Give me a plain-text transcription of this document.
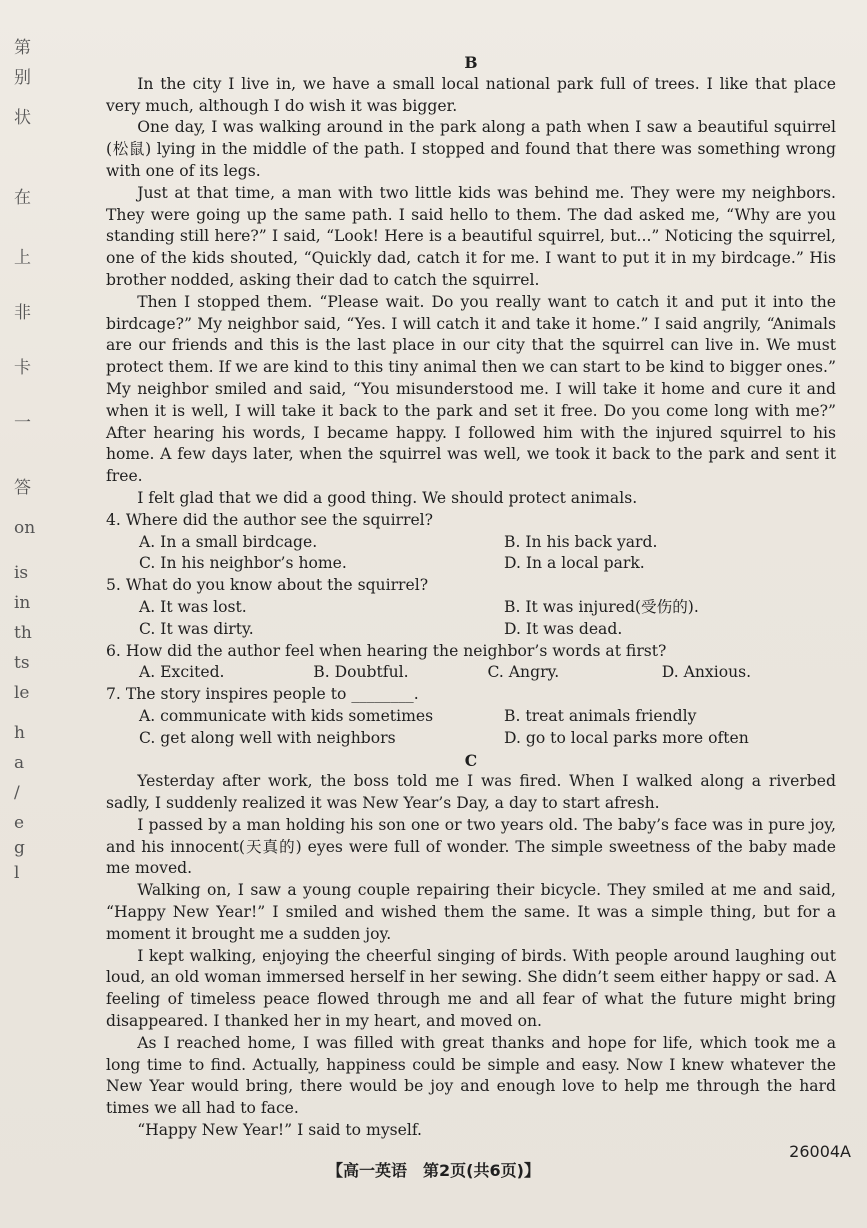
第
别
状
在
上
非
卡
一
答
on
is
in
th
ts
le
h
a
/
e
g
l

B

In the city I live in, we have a small local national park full of trees. I like that place very much, although I do wish it was bigger.

One day, I was walking around in the park along a path when I saw a beautiful squirrel (松鼠) lying in the middle of the path. I stopped and found that there was something wrong with one of its legs.

Just at that time, a man with two little kids was behind me. They were my neighbors. They were going up the same path. I said hello to them. The dad asked me, “Why are you standing still here?” I said, “Look! Here is a beautiful squirrel, but...” Noticing the squirrel, one of the kids shouted, “Quickly dad, catch it for me. I want to put it in my birdcage.” His brother nodded, asking their dad to catch the squirrel.

Then I stopped them. “Please wait. Do you really want to catch it and put it into the birdcage?” My neighbor said, “Yes. I will catch it and take it home.” I said angrily, “Animals are our friends and this is the last place in our city that the squirrel can live in. We must protect them. If we are kind to this tiny animal then we can start to be kind to bigger ones.” My neighbor smiled and said, “You misunderstood me. I will take it home and cure it and when it is well, I will take it back to the park and set it free. Do you come long with me?” After hearing his words, I became happy. I followed him with the injured squirrel to his home. A few days later, when the squirrel was well, we took it back to the park and sent it free.

I felt glad that we did a good thing. We should protect animals.

4. Where did the author see the squirrel?

A. In a small birdcage.	B. In his back yard.
C. In his neighbor’s home.	D. In a local park.

5. What do you know about the squirrel?

A. It was lost.	B. It was injured(受伤的).
C. It was dirty.	D. It was dead.

6. How did the author feel when hearing the neighbor’s words at first?

A. Excited.	B. Doubtful.	C. Angry.	D. Anxious.

7. The story inspires people to ________.

A. communicate with kids sometimes	B. treat animals friendly
C. get along well with neighbors	D. go to local parks more often

C

Yesterday after work, the boss told me I was fired. When I walked along a riverbed sadly, I suddenly realized it was New Year’s Day, a day to start afresh.

I passed by a man holding his son one or two years old. The baby’s face was in pure joy, and his innocent(天真的) eyes were full of wonder. The simple sweetness of the baby made me moved.

Walking on, I saw a young couple repairing their bicycle. They smiled at me and said, “Happy New Year!” I smiled and wished them the same. It was a simple thing, but for a moment it brought me a sudden joy.

I kept walking, enjoying the cheerful singing of birds. With people around laughing out loud, an old woman immersed herself in her sewing. She didn’t seem either happy or sad. A feeling of timeless peace flowed through me and all fear of what the future might bring disappeared. I thanked her in my heart, and moved on.

As I reached home, I was filled with great thanks and hope for life, which took me a long time to find. Actually, happiness could be simple and easy. Now I knew whatever the New Year would bring, there would be joy and enough love to help me through the hard times we all had to face.

“Happy New Year!” I said to myself.

26004A
【高一英语　第2页(共6页)】
